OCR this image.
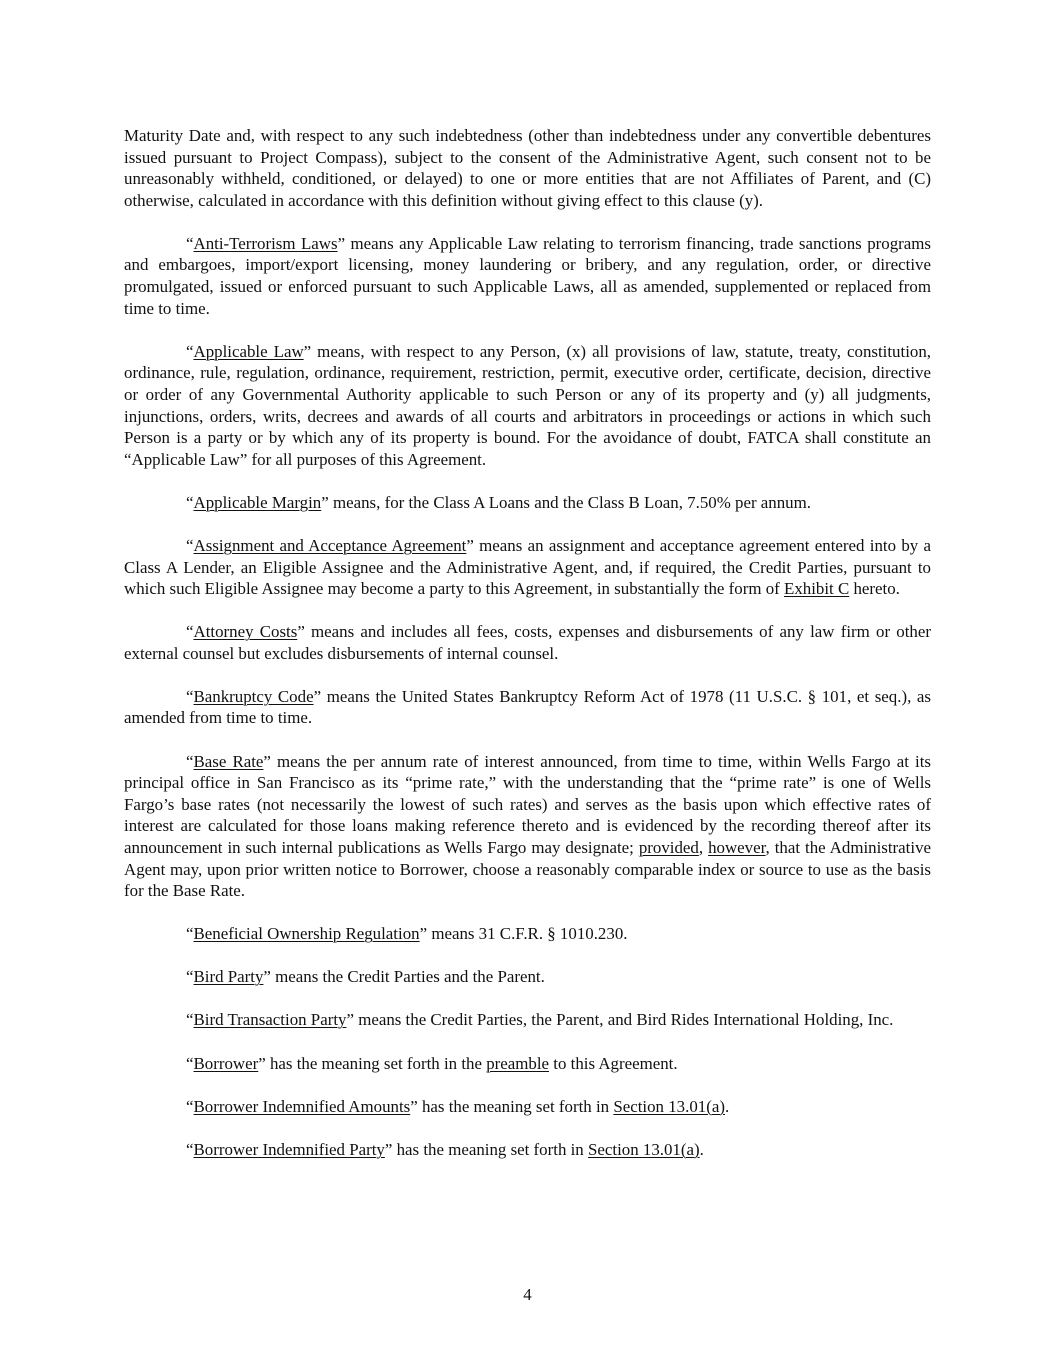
Maturity Date and, with respect to any such indebtedness (other than indebtedness under any convertible debentures issued pursuant to Project Compass), subject to the consent of the Administrative Agent, such consent not to be unreasonably withheld, conditioned, or delayed) to one or more entities that are not Affiliates of Parent, and (C) otherwise, calculated in accordance with this definition without giving effect to this clause (y).

“Anti-Terrorism Laws” means any Applicable Law relating to terrorism financing, trade sanctions programs and embargoes, import/export licensing, money laundering or bribery, and any regulation, order, or directive promulgated, issued or enforced pursuant to such Applicable Laws, all as amended, supplemented or replaced from time to time.

“Applicable Law” means, with respect to any Person, (x) all provisions of law, statute, treaty, constitution, ordinance, rule, regulation, ordinance, requirement, restriction, permit, executive order, certificate, decision, directive or order of any Governmental Authority applicable to such Person or any of its property and (y) all judgments, injunctions, orders, writs, decrees and awards of all courts and arbitrators in proceedings or actions in which such Person is a party or by which any of its property is bound. For the avoidance of doubt, FATCA shall constitute an “Applicable Law” for all purposes of this Agreement.

“Applicable Margin” means, for the Class A Loans and the Class B Loan, 7.50% per annum.

“Assignment and Acceptance Agreement” means an assignment and acceptance agreement entered into by a Class A Lender, an Eligible Assignee and the Administrative Agent, and, if required, the Credit Parties, pursuant to which such Eligible Assignee may become a party to this Agreement, in substantially the form of Exhibit C hereto.

“Attorney Costs” means and includes all fees, costs, expenses and disbursements of any law firm or other external counsel but excludes disbursements of internal counsel.

“Bankruptcy Code” means the United States Bankruptcy Reform Act of 1978 (11 U.S.C. § 101, et seq.), as amended from time to time.

“Base Rate” means the per annum rate of interest announced, from time to time, within Wells Fargo at its principal office in San Francisco as its “prime rate,” with the understanding that the “prime rate” is one of Wells Fargo’s base rates (not necessarily the lowest of such rates) and serves as the basis upon which effective rates of interest are calculated for those loans making reference thereto and is evidenced by the recording thereof after its announcement in such internal publications as Wells Fargo may designate; provided, however, that the Administrative Agent may, upon prior written notice to Borrower, choose a reasonably comparable index or source to use as the basis for the Base Rate.

“Beneficial Ownership Regulation” means 31 C.F.R. § 1010.230.

“Bird Party” means the Credit Parties and the Parent.

“Bird Transaction Party” means the Credit Parties, the Parent, and Bird Rides International Holding, Inc.

“Borrower” has the meaning set forth in the preamble to this Agreement.

“Borrower Indemnified Amounts” has the meaning set forth in Section 13.01(a).

“Borrower Indemnified Party” has the meaning set forth in Section 13.01(a).

4
